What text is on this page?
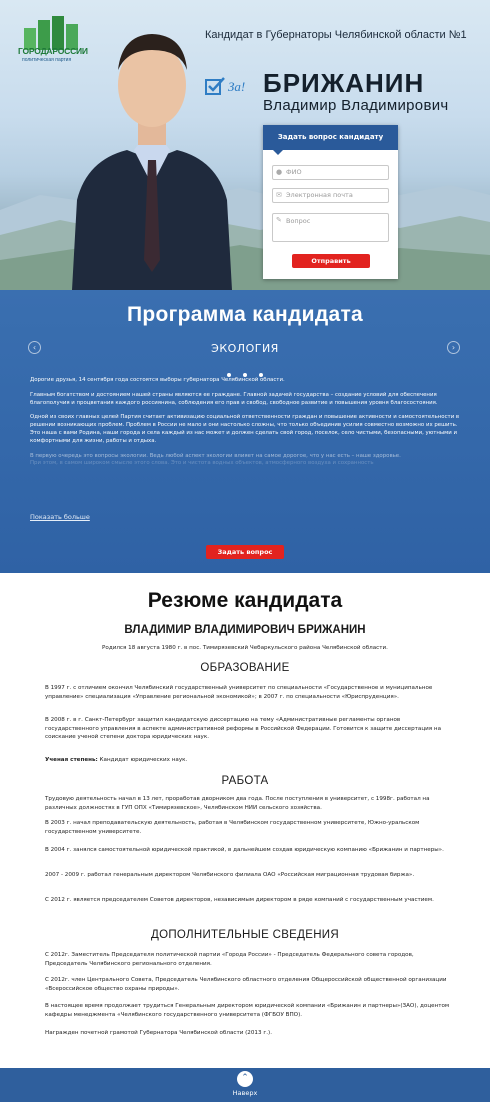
ГОРОДАРОССИИ
политическая партия
Кандидат в Губернаторы Челябинской области №1
За! БРИЖАНИН
Владимир Владимирович
Задать вопрос кандидату
● ФИО
✉ Электронная почта
✎ Вопрос
Отправить
Программа кандидата
‹	ЭКОЛОГИЯ	›

Дорогие друзья, 14 сентября года состоятся выборы губернатора Челябинской области.

Главным богатством и достоянием нашей страны являются ее граждане. Главной задачей государства – создание условий для обеспечения благополучия и процветания каждого россиянина, соблюдения его прав и свобод, свободное развитие и повышения уровня благосостояния.

Одной из своих главных целей Партия считает активизацию социальной ответственности граждан и повышение активности и самостоятельности в решении возникающих проблем. Проблем в России не мало и они настолько сложны, что только объединив усилия совместно возможно их решить. Это наша с вами Родина, наши города и села каждый из нас может и должен сделать свой город, поселок, село чистыми, безопасными, уютными и комфортными для жизни, работы и отдыха.

В первую очередь это вопросы экологии. Ведь любой аспект экологии влияет на самое дорогое, что у нас есть – наше здоровье.

При этом, в самом широком смысле этого слова. Это и чистота водных объектов, атмосферного воздуха и сохранность

Показать больше
Задать вопрос
Резюме кандидата
ВЛАДИМИР ВЛАДИМИРОВИЧ БРИЖАНИН
Родился 18 августа 1980 г. в пос. Тимирязевский Чебаркульского района Челябинской области.
ОБРАЗОВАНИЕ
В 1997 г. с отличием окончил Челябинский государственный университет по специальности «Государственное и муниципальное управление» специализация «Управление региональной экономикой»; в 2007 г. по специальности «Юриспруденция».
В 2008 г. в г. Санкт-Петербург защитил кандидатскую диссертацию на тему «Административные регламенты органов государственного управления в аспекте административной реформы в Российской Федерации. Готовится к защите диссертация на соискание ученой степени доктора юридических наук.
Ученая степень: Кандидат юридических наук.
РАБОТА
Трудовую деятельность начал в 13 лет, проработав дворником два года. После поступления в университет, с 1998г. работал на различных должностях в ГУП ОПХ «Тимирязевское», Челябинском НИИ сельского хозяйства.
В 2003 г. начал преподавательскую деятельность, работая в Челябинском государственном университете, Южно-уральском государственном университете.
В 2004 г. занялся самостоятельной юридической практикой, в дальнейшем создав юридическую компанию «Брижанин и партнеры».
2007 - 2009 г. работал генеральным директором Челябинского филиала ОАО «Российская миграционная трудовая биржа».
С 2012 г. является председателем Советов директоров, независимым директором в ряде компаний с государственным участием.
ДОПОЛНИТЕЛЬНЫЕ СВЕДЕНИЯ
С 2012г. Заместитель Председателя политической партии «Города России» - Председатель Федерального совета городов, Председатель Челябинского регионального отделения.
С 2012г. член Центрального Совета, Председатель Челябинского областного отделения Общероссийской общественной организации «Всероссийское общество охраны природы».
В настоящее время продолжает трудиться Генеральным директором юридической компании «Брижанин и партнеры»(ЗАО), доцентом кафедры менеджмента «Челябинского государственного университета (ФГБОУ ВПО).
Награжден почетной грамотой Губернатора Челябинской области (2013 г.).
⌃
Наверх
